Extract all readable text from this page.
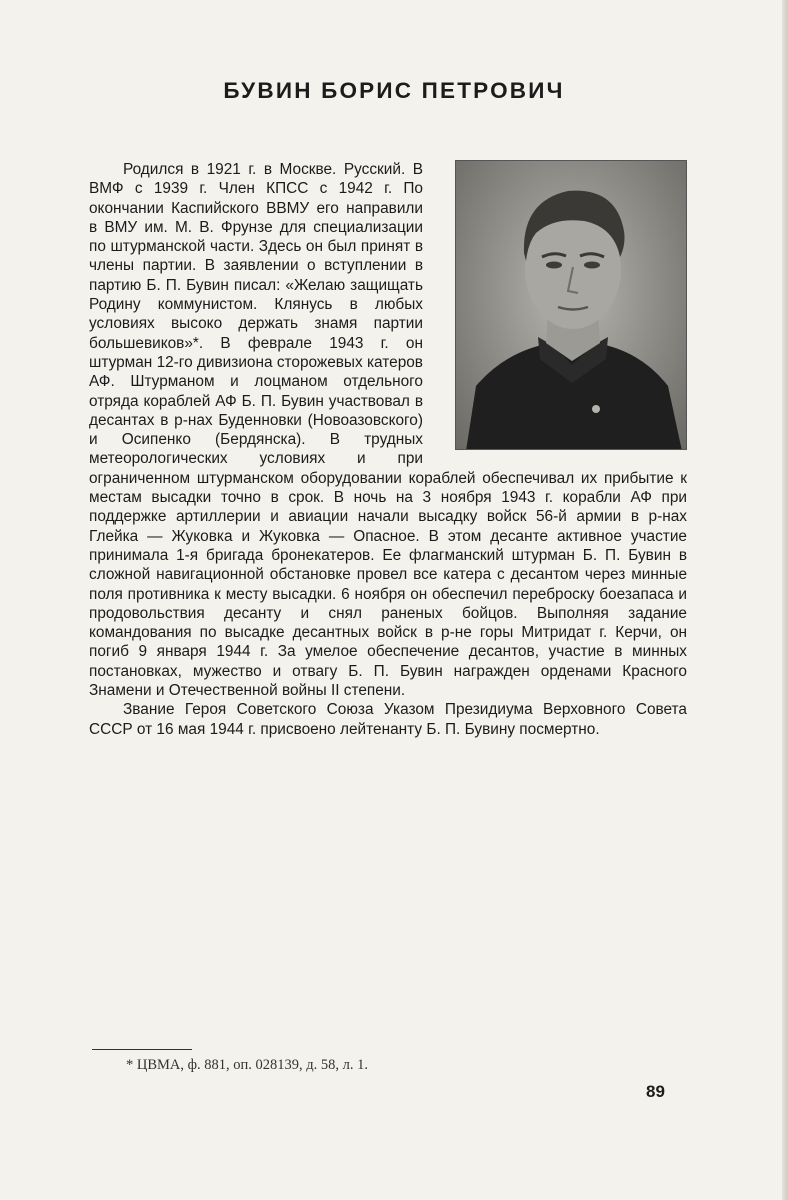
БУВИН БОРИС ПЕТРОВИЧ

Родился в 1921 г. в Москве. Русский. В ВМФ с 1939 г. Член КПСС с 1942 г. По окончании Каспийского ВВМУ его направили в ВМУ им. М. В. Фрунзе для специализации по штурманской части. Здесь он был принят в члены партии. В заявлении о вступлении в партию Б. П. Бувин писал: «Желаю защищать Родину коммунистом. Клянусь в любых условиях высоко держать знамя партии большевиков»*. В феврале 1943 г. он штурман 12-го дивизиона сторожевых катеров АФ. Штурманом и лоцманом отдельного отряда кораблей АФ Б. П. Бувин участвовал в десантах в р-нах Буденновки (Новоазовского) и Осипенко (Бердянска). В трудных метеорологических условиях и при ограниченном штурманском оборудовании кораблей обеспечивал их прибытие к местам высадки точно в срок. В ночь на 3 ноября 1943 г. корабли АФ при поддержке артиллерии и авиации начали высадку войск 56-й армии в р-нах Глейка — Жуковка и Жуковка — Опасное. В этом десанте активное участие принимала 1-я бригада бронекатеров. Ее флагманский штурман Б. П. Бувин в сложной навигационной обстановке провел все катера с десантом через минные поля противника к месту высадки. 6 ноября он обеспечил переброску боезапаса и продовольствия десанту и снял раненых бойцов. Выполняя задание командования по высадке десантных войск в р-не горы Митридат г. Керчи, он погиб 9 января 1944 г. За умелое обеспечение десантов, участие в минных постановках, мужество и отвагу Б. П. Бувин награжден орденами Красного Знамени и Отечественной войны II степени.

Звание Героя Советского Союза Указом Президиума Верховного Совета СССР от 16 мая 1944 г. присвоено лейтенанту Б. П. Бувину посмертно.

* ЦВМА, ф. 881, оп. 028139, д. 58, л. 1.
89
